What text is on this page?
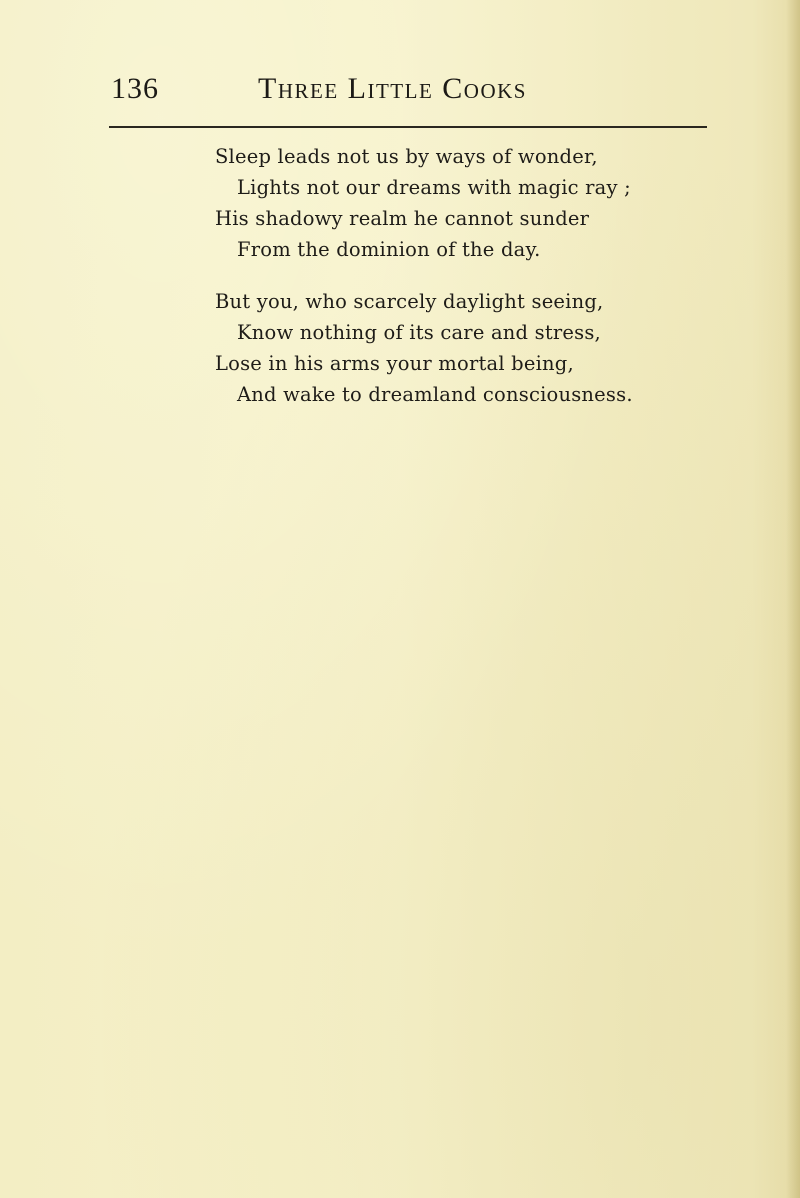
136	Three Little Cooks
Sleep leads not us by ways of wonder,
Lights not our dreams with magic ray ;
His shadowy realm he cannot sunder
From the dominion of the day.
But you, who scarcely daylight seeing,
Know nothing of its care and stress,
Lose in his arms your mortal being,
And wake to dreamland consciousness.
